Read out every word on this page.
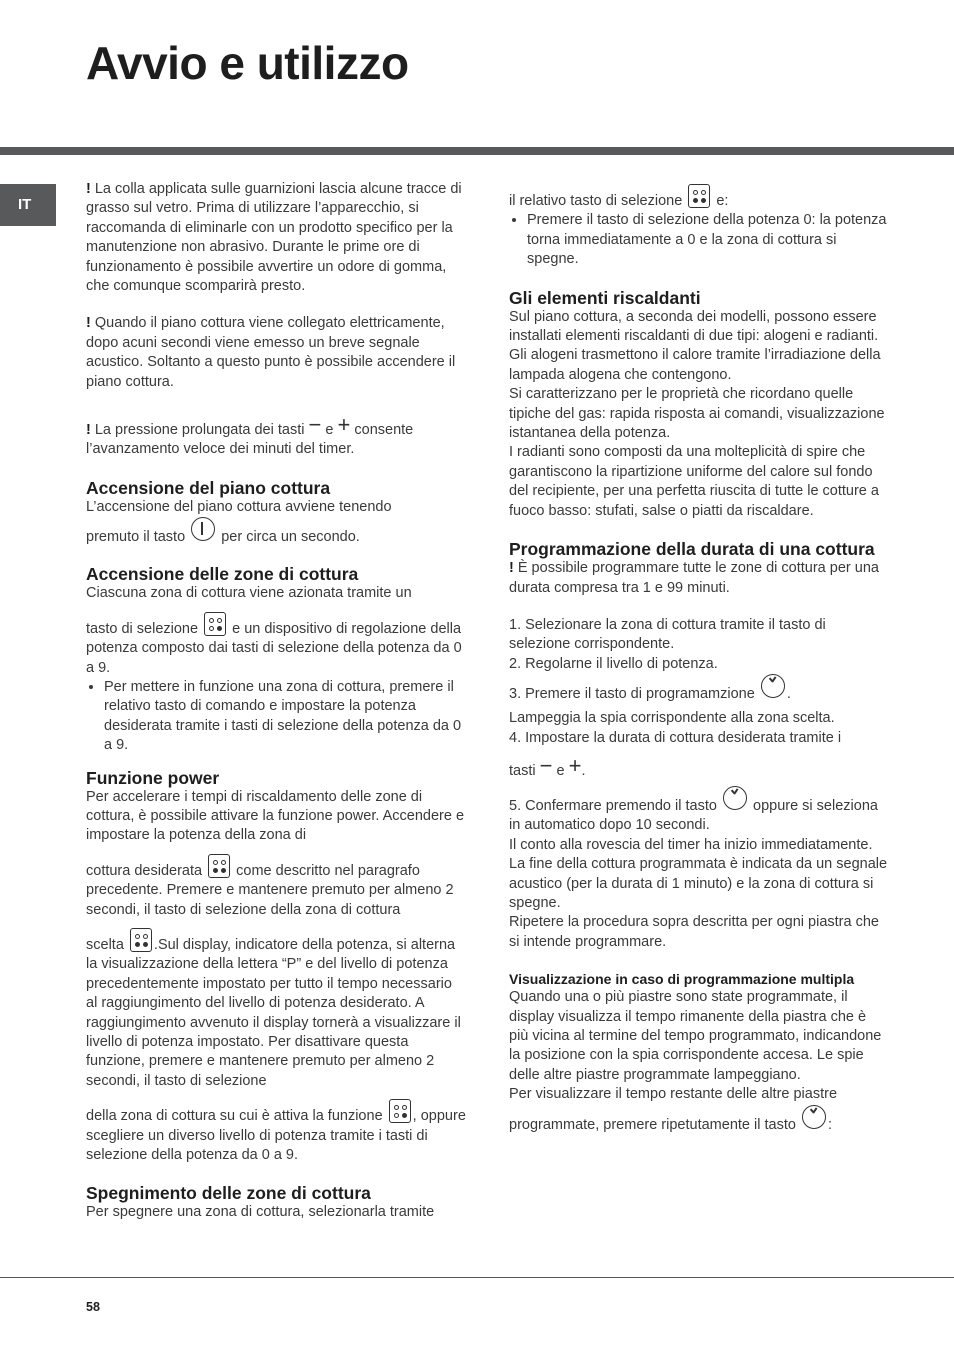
Avvio e utilizzo
IT

! La colla applicata sulle guarnizioni lascia alcune tracce di grasso sul vetro. Prima di utilizzare l’apparecchio, si raccomanda di eliminarle con un prodotto specifico per la manutenzione non abrasivo. Durante le prime ore di funzionamento è possibile avvertire un odore di gomma, che comunque scomparirà presto.

! Quando il piano cottura viene collegato elettricamente, dopo acuni secondi viene emesso un breve segnale acustico. Soltanto a questo punto è possibile accendere il piano cottura.

! La pressione prolungata dei tasti − e + consente l’avanzamento veloce dei minuti del timer.

Accensione del piano cottura

L’accensione del piano cottura avviene tenendo

premuto il tasto per circa un secondo.

Accensione delle zone di cottura

Ciascuna zona di cottura viene azionata tramite un

tasto di selezione e un dispositivo di regolazione della potenza composto dai tasti di selezione della potenza da 0 a 9.

• Per mettere in funzione una zona di cottura, premere il relativo tasto di comando e impostare la potenza desiderata tramite i tasti di selezione della potenza da 0 a 9.
Funzione power

Per accelerare i tempi di riscaldamento delle zone di cottura, è possibile attivare la funzione power. Accendere e impostare la potenza della zona di

cottura desiderata come descritto nel paragrafo precedente. Premere e mantenere premuto per almeno 2 secondi, il tasto di selezione della zona di cottura

scelta .Sul display, indicatore della potenza, si alterna la visualizzazione della lettera “P” e del livello di potenza precedentemente impostato per tutto il tempo necessario al raggiungimento del livello di potenza desiderato. A raggiungimento avvenuto il display tornerà a visualizzare il livello di potenza impostato. Per disattivare questa funzione, premere e mantenere premuto per almeno 2 secondi, il tasto di selezione

della zona di cottura su cui è attiva la funzione , oppure scegliere un diverso livello di potenza tramite i tasti di selezione della potenza da 0 a 9.

Spegnimento delle zone di cottura

Per spegnere una zona di cottura, selezionarla tramite

il relativo tasto di selezione e:

• Premere il tasto di selezione della potenza 0: la potenza torna immediatamente a 0 e la zona di cottura si spegne.
Gli elementi riscaldanti

Sul piano cottura, a seconda dei modelli, possono essere installati elementi riscaldanti di due tipi: alogeni e radianti.

Gli alogeni trasmettono il calore tramite l’irradiazione della lampada alogena che contengono.

Si caratterizzano per le proprietà che ricordano quelle tipiche del gas: rapida risposta ai comandi, visualizzazione istantanea della potenza.

I radianti sono composti da una molteplicità di spire che garantiscono la ripartizione uniforme del calore sul fondo del recipiente, per una perfetta riuscita di tutte le cotture a fuoco basso: stufati, salse o piatti da riscaldare.

Programmazione della durata di una cottura

! È possibile programmare tutte le zone di cottura per una durata compresa tra 1 e 99 minuti.

1. Selezionare la zona di cottura tramite il tasto di selezione corrispondente.

2. Regolarne il livello di potenza.

3. Premere il tasto di programamzione .

Lampeggia la spia corrispondente alla zona scelta.

4. Impostare la durata di cottura desiderata tramite i

tasti − e +.

5. Confermare premendo il tasto oppure si seleziona in automatico dopo 10 secondi.

Il conto alla rovescia del timer ha inizio immediatamente. La fine della cottura programmata è indicata da un segnale acustico (per la durata di 1 minuto) e la zona di cottura si spegne.

Ripetere la procedura sopra descritta per ogni piastra che si intende programmare.

Visualizzazione in caso di programmazione multipla

Quando una o più piastre sono state programmate, il display visualizza il tempo rimanente della piastra che è più vicina al termine del tempo programmato, indicandone la posizione con la spia corrispondente accesa. Le spie delle altre piastre programmate lampeggiano.

Per visualizzare il tempo restante delle altre piastre

programmate, premere ripetutamente il tasto :

58
